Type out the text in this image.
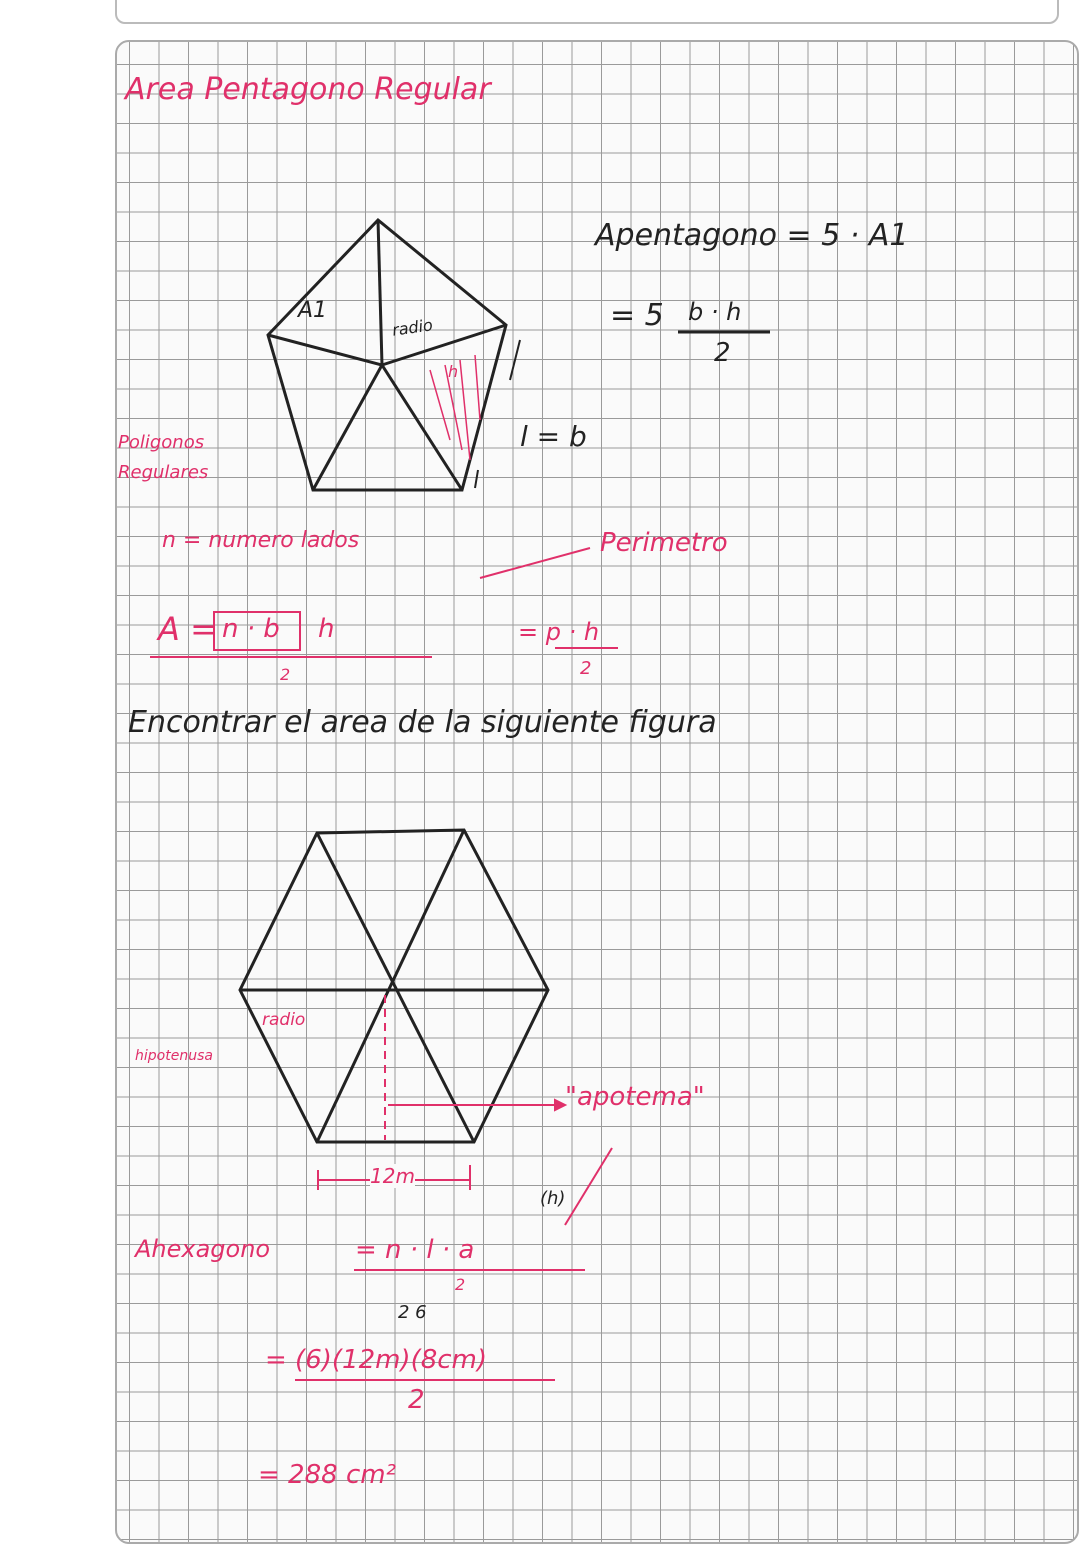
Area Pentagono Regular
A1
radio
h
l = b
Apentagono = 5 · A1
= 5 b · h
2
Poligonos
Regulares
n = numero lados	Perimetro
A = n · b h
2
= p · h
2
Encontrar el area de la siguiente figura
radio
hipotenusa
12m
"apotema"
(h)
Ahexagono	= n · l · a
2
2 6
= (6)(12m)(8cm)
2
= 288 cm²
